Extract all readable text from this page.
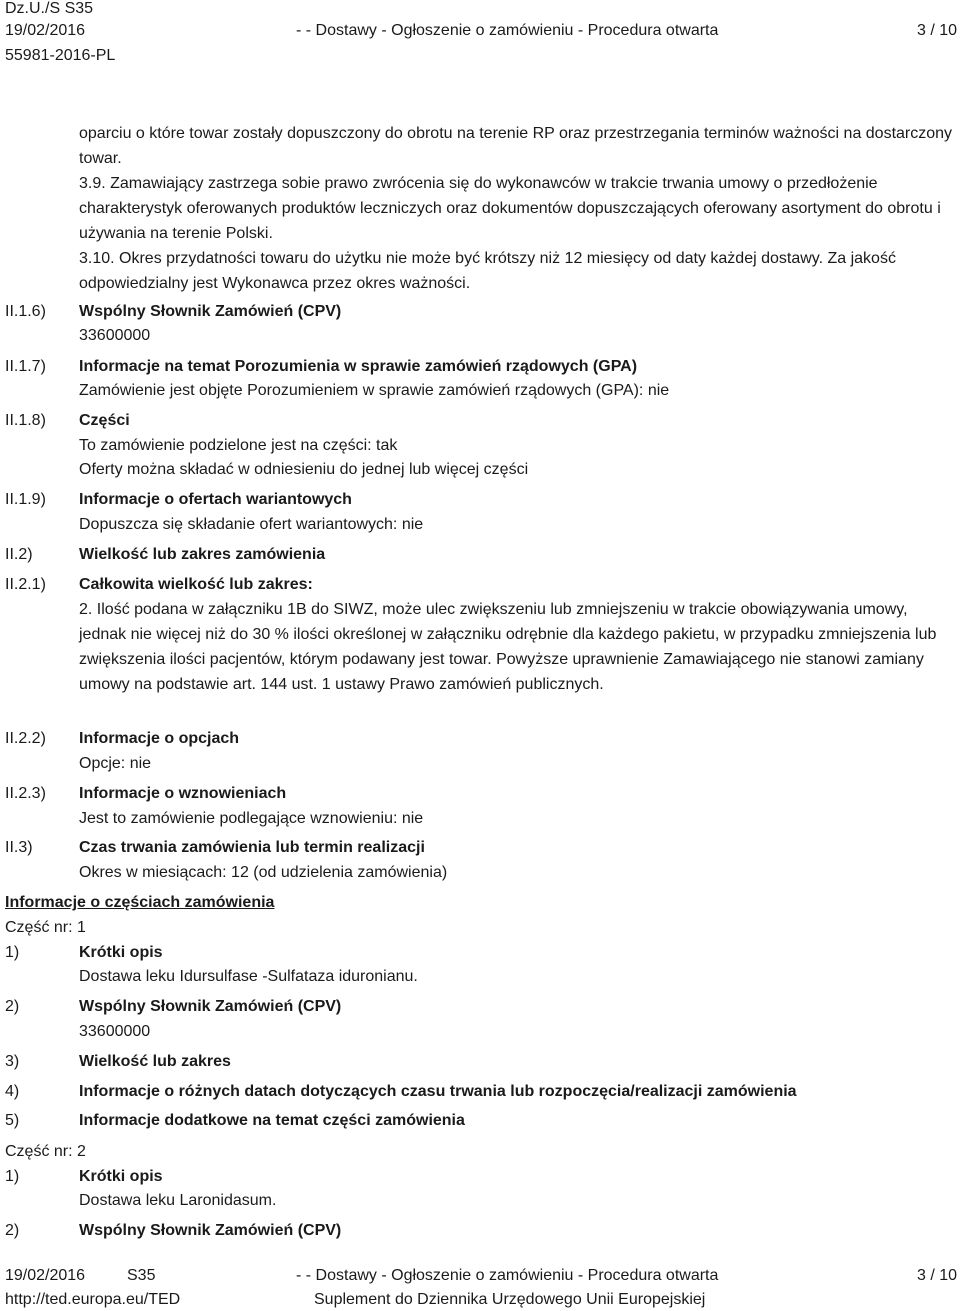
Dz.U./S S35
19/02/2016
55981-2016-PL
- - Dostawy - Ogłoszenie o zamówieniu - Procedura otwarta	3 / 10
oparciu o które towar zostały dopuszczony do obrotu na terenie RP oraz przestrzegania terminów ważności na dostarczony towar.
3.9. Zamawiający zastrzega sobie prawo zwrócenia się do wykonawców w trakcie trwania umowy o przedłożenie charakterystyk oferowanych produktów leczniczych oraz dokumentów dopuszczających oferowany asortyment do obrotu i używania na terenie Polski.
3.10. Okres przydatności towaru do użytku nie może być krótszy niż 12 miesięcy od daty każdej dostawy. Za jakość odpowiedzialny jest Wykonawca przez okres ważności.
II.1.6) Wspólny Słownik Zamówień (CPV)
33600000
II.1.7) Informacje na temat Porozumienia w sprawie zamówień rządowych (GPA)
Zamówienie jest objęte Porozumieniem w sprawie zamówień rządowych (GPA): nie
II.1.8) Części
To zamówienie podzielone jest na części: tak
Oferty można składać w odniesieniu do jednej lub więcej części
II.1.9) Informacje o ofertach wariantowych
Dopuszcza się składanie ofert wariantowych: nie
II.2)	Wielkość lub zakres zamówienia
II.2.1) Całkowita wielkość lub zakres:
2. Ilość podana w załączniku 1B do SIWZ, może ulec zwiększeniu lub zmniejszeniu w trakcie obowiązywania umowy, jednak nie więcej niż do 30 % ilości określonej w załączniku odrębnie dla każdego pakietu, w przypadku zmniejszenia lub zwiększenia ilości pacjentów, którym podawany jest towar. Powyższe uprawnienie Zamawiającego nie stanowi zamiany umowy na podstawie art. 144 ust. 1 ustawy Prawo zamówień publicznych.
II.2.2) Informacje o opcjach
Opcje: nie
II.2.3) Informacje o wznowieniach
Jest to zamówienie podlegające wznowieniu: nie
II.3)	Czas trwania zamówienia lub termin realizacji
Okres w miesiącach: 12 (od udzielenia zamówienia)
Informacje o częściach zamówienia
Część nr: 1
1)	Krótki opis
Dostawa leku Idursulfase -Sulfataza iduronianu.
2)	Wspólny Słownik Zamówień (CPV)
33600000
3)	Wielkość lub zakres
4)	Informacje o różnych datach dotyczących czasu trwania lub rozpoczęcia/realizacji zamówienia
5)	Informacje dodatkowe na temat części zamówienia
Część nr: 2
1)	Krótki opis
Dostawa leku Laronidasum.
2)	Wspólny Słownik Zamówień (CPV)
19/02/2016	S35
http://ted.europa.eu/TED
- - Dostawy - Ogłoszenie o zamówieniu - Procedura otwarta
Suplement do Dziennika Urzędowego Unii Europejskiej
3 / 10
